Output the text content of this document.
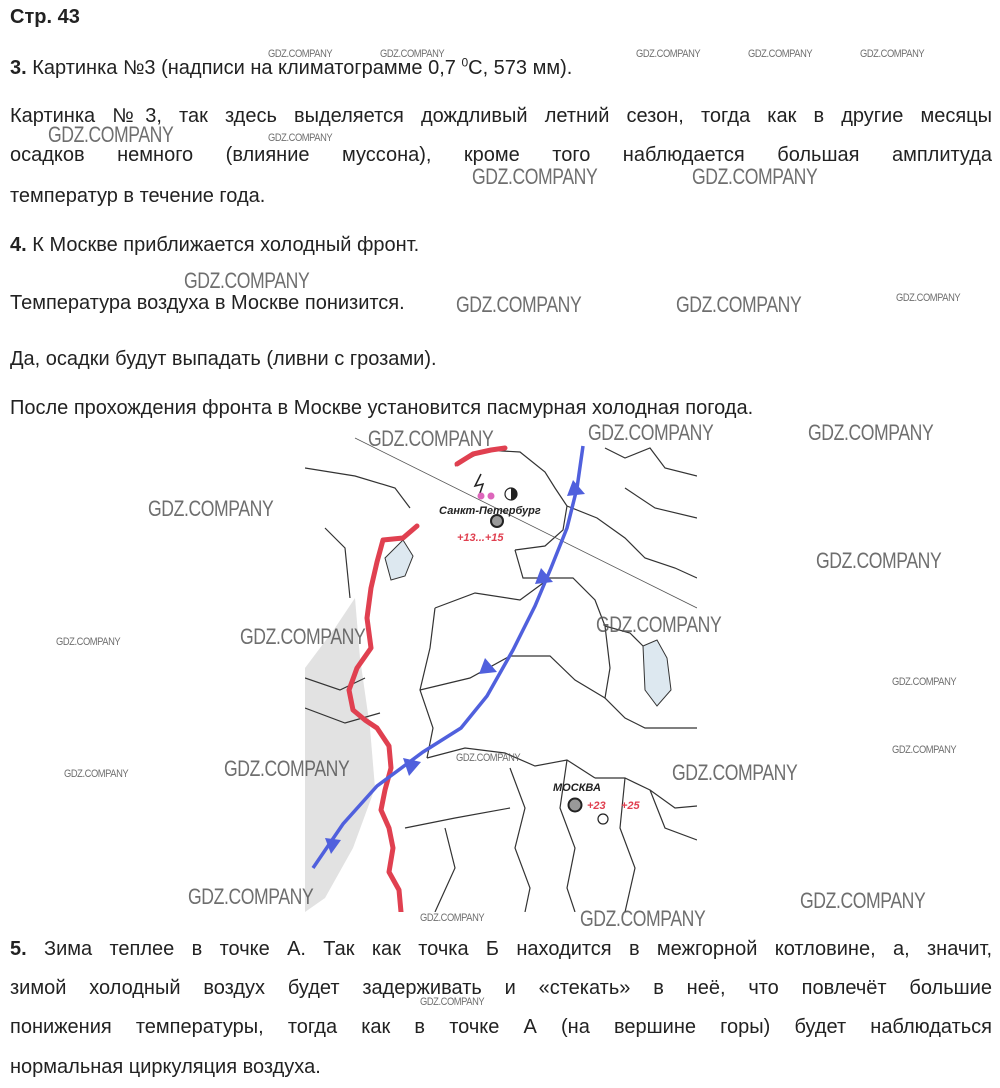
Стр. 43
3. Картинка №3 (надписи на климатограмме 0,7 $^0$С, 573 мм).
Картинка №3, так здесь выделяется дождливый летний сезон, тогда как в другие месяцы
осадков немного (влияние муссона), кроме того наблюдается большая амплитуда
температур в течение года.
4. К Москве приближается холодный фронт.
Температура воздуха в Москве понизится.
Да, осадки будут выпадать (ливни с грозами).
После прохождения фронта в Москве установится пасмурная холодная погода.
Санкт-Петербург
+13...+15
МОСКВА
+23 +25
5. Зима теплее в точке А. Так как точка Б находится в межгорной котловине, а, значит,
зимой холодный воздух будет задерживать и «стекать» в неё, что повлечёт большие
понижения температуры, тогда как в точке А (на вершине горы) будет наблюдаться
нормальная циркуляция воздуха.
GDZ.COMPANY	GDZ.COMPANY	GDZ.COMPANY	GDZ.COMPANY	GDZ.COMPANY
GDZ.COMPANY	GDZ.COMPANY
GDZ.COMPANY	GDZ.COMPANY
GDZ.COMPANY
GDZ.COMPANY	GDZ.COMPANY	GDZ.COMPANY
GDZ.COMPANY	GDZ.COMPANY	GDZ.COMPANY
GDZ.COMPANY
GDZ.COMPANY
GDZ.COMPANY	GDZ.COMPANY
GDZ.COMPANY
GDZ.COMPANY
GDZ.COMPANY
GDZ.COMPANY
GDZ.COMPANY	GDZ.COMPANY
GDZ.COMPANY
GDZ.COMPANY	GDZ.COMPANY
GDZ.COMPANY
GDZ.COMPANY
GDZ.COMPANY
